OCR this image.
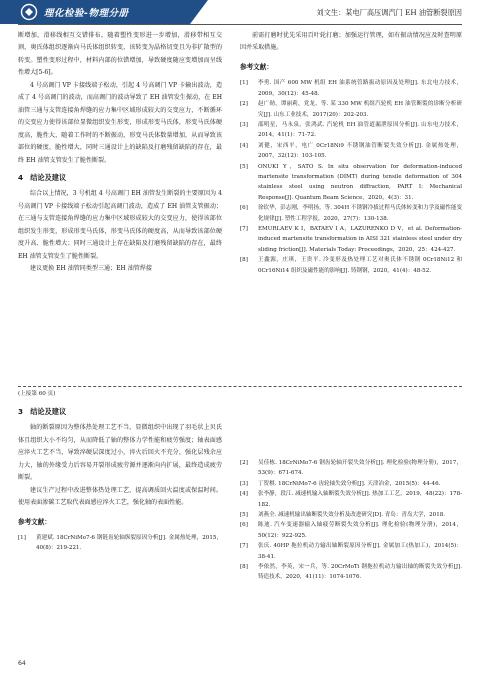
理化检验-物理分册	刘文生：某电厂高压调汽门 EH 油管断裂原因

断增加，滑移线相互交错排布，随着塑性变形进一步增加，滑移带相互交割，奥氏体组织逐渐向马氏体组织转变，该转变为晶格切变且为非扩散型的转变。塑性变形过程中，材料内部的位错增加，导致硬度随应变增加而呈线性增大[5-6]。

4 号高调门 VP 卡接线端子松动，引起 4 号高调门 VP 卡输出波动，造成了 4 号高调门的波动，而高调门的波动导致了 EH 油管发生振动，在 EH 油管三通与支管连接角焊缝的应力集中区域形成较大的交变应力，不断循环的交变应力使得该部位显微组织发生形变，形成形变马氏体，形变马氏体硬度高，脆性大，随着工作时的不断振动，形变马氏体数量增加，从而导致该部位的硬度、脆性增大，同时三通设计上的缺陷及打磨残留缺陷的存在，最终 EH 油管支管发生了脆性断裂。

4　结论及建议

综合以上情况，3 号机组 4 号高调门 EH 油管发生断裂的主要原因为 4 号高调门 VP 卡接线端子松动引起高调门波动，造成了 EH 油管支管振动；在三通与支管连接角焊缝的应力集中区域形成较大的交变应力，使得该部位组织发生形变，形成形变马氏体，形变马氏体的硬度高，从而导致该部位硬度升高、脆性增大；同时三通设计上存在缺陷及打磨残留缺陷的存在，最终 EH 油管支管发生了脆性断裂。

建议更换 EH 油管同类型三通；EH 油管焊接

前需打磨时优先采用百叶轮打磨；加强运行管理，如有振动情况应及时查明原因并采取措施。

参考文献：
[1]	李勇. 国产 600 MW 机组 EH 油系统管路振动原因及处理[J]. 东北电力技术，2009，30(12)：45-48.
[2]	赵广勋，谭丽莉，党龙，等. 某 330 MW 机组汽轮机 EH 油管断裂的诊断分析研究[J]. 山东工业技术，2017(20)：202-203.
[3]	邵明星，马永泉，张鸿武. 汽轮机 EH 油管道漏泄原因分析[J]. 山东电力技术，2014，41(1)：71-72.
[4]	刘健，宋西平，电广 0Cr18Ni9 不锈钢油管断裂失效分析[J]. 金属热处理，2007，32(12)：103-105.
[5]	ONUKI Y，SATO S. In situ observation for deformation-induced martensite transformation (DIMT) during tensile deformation of 304 stainless steel using neutron diffraction, PART I: Mechanical Response[J]. Quantum Beam Science，2020，4(3)：31.
[6]	徐钦华，彭志刚，李明扬，等. 304H 不锈钢冷拔过程马氏体转变和力学及磁性能变化规律[J]. 塑性工程学报，2020，27(7)：130-138.
[7]	EMURLAEV K I，BATAEV I A，LAZURENKO D V，et al. Deformation-induced martensite transformation in AISI 321 stainless steel under dry sliding friction[J]. Materials Today: Proceedings，2020，25：424-427.
[8]	王鑫源，庄琪，王贵平. 冷变形及热处理工艺对奥氏体不锈钢 0Cr18Ni12 和 0Cr16Ni14 组织及磁性能的影响[J]. 铸钢钢，2020，41(4)：48-52.
(上接第 60 页)
3　结论及建议

轴的断裂原因为整体热处理工艺不当，显微组织中出现了羽毛状上贝氏体且组织大小不均匀，从而降低了轴的整体力学性能和疲劳强度；轴表面感应淬火工艺不当，导致淬硬层深度过小，淬火后回火不充分，强化层残余应力大，轴的外缘受力后容易开裂形成疲劳源并逐渐向内扩展，最终造成疲劳断裂。

建议生产过程中改进整体热处理工艺，提高调质回火温度或保温时间。使用表面渗碳工艺取代表面感应淬火工艺，强化轴的表面性能。

参考文献：
[1]	黄建斌. 18CrNiMo7-6 钢链齿轮轴纵裂原因分析[J]. 金属热处理，2015，40(8)：219-221.
[2]	吴佳栋. 18CrNiMo7-6 钢齿轮轴开裂失效分析[J]. 理化检验(物理分册)，2017，53(9)：671-674.
[3]	丁贺棋. 18CrNiMo7-6 齿轮轴失效分析[J]. 天津冶金，2015(5)：44-46.
[4]	张李静，段江. 减速机输入轴断裂失效分析[J]. 热加工工艺，2019，48(22)：178-182.
[5]	刘燕全. 减速机输出轴断裂失效分析及改进研究[D]. 青岛：青岛大学，2018.
[6]	陈迪. 汽车变速器输入轴疲劳断裂失效分析[J]. 理化检验(物理分册)，2014，50(12)：922-925.
[7]	张庆. 40HP 拖拉机动力输出轴断裂原因分析[J]. 金属加工(热加工)，2014(5)：38-41.
[8]	李依然，李英，宋一兵，等. 20CrMoTi 钢拖拉机动力输出轴的断裂失效分析[J]. 铸造技术，2020，41(11)：1074-1076.
64
